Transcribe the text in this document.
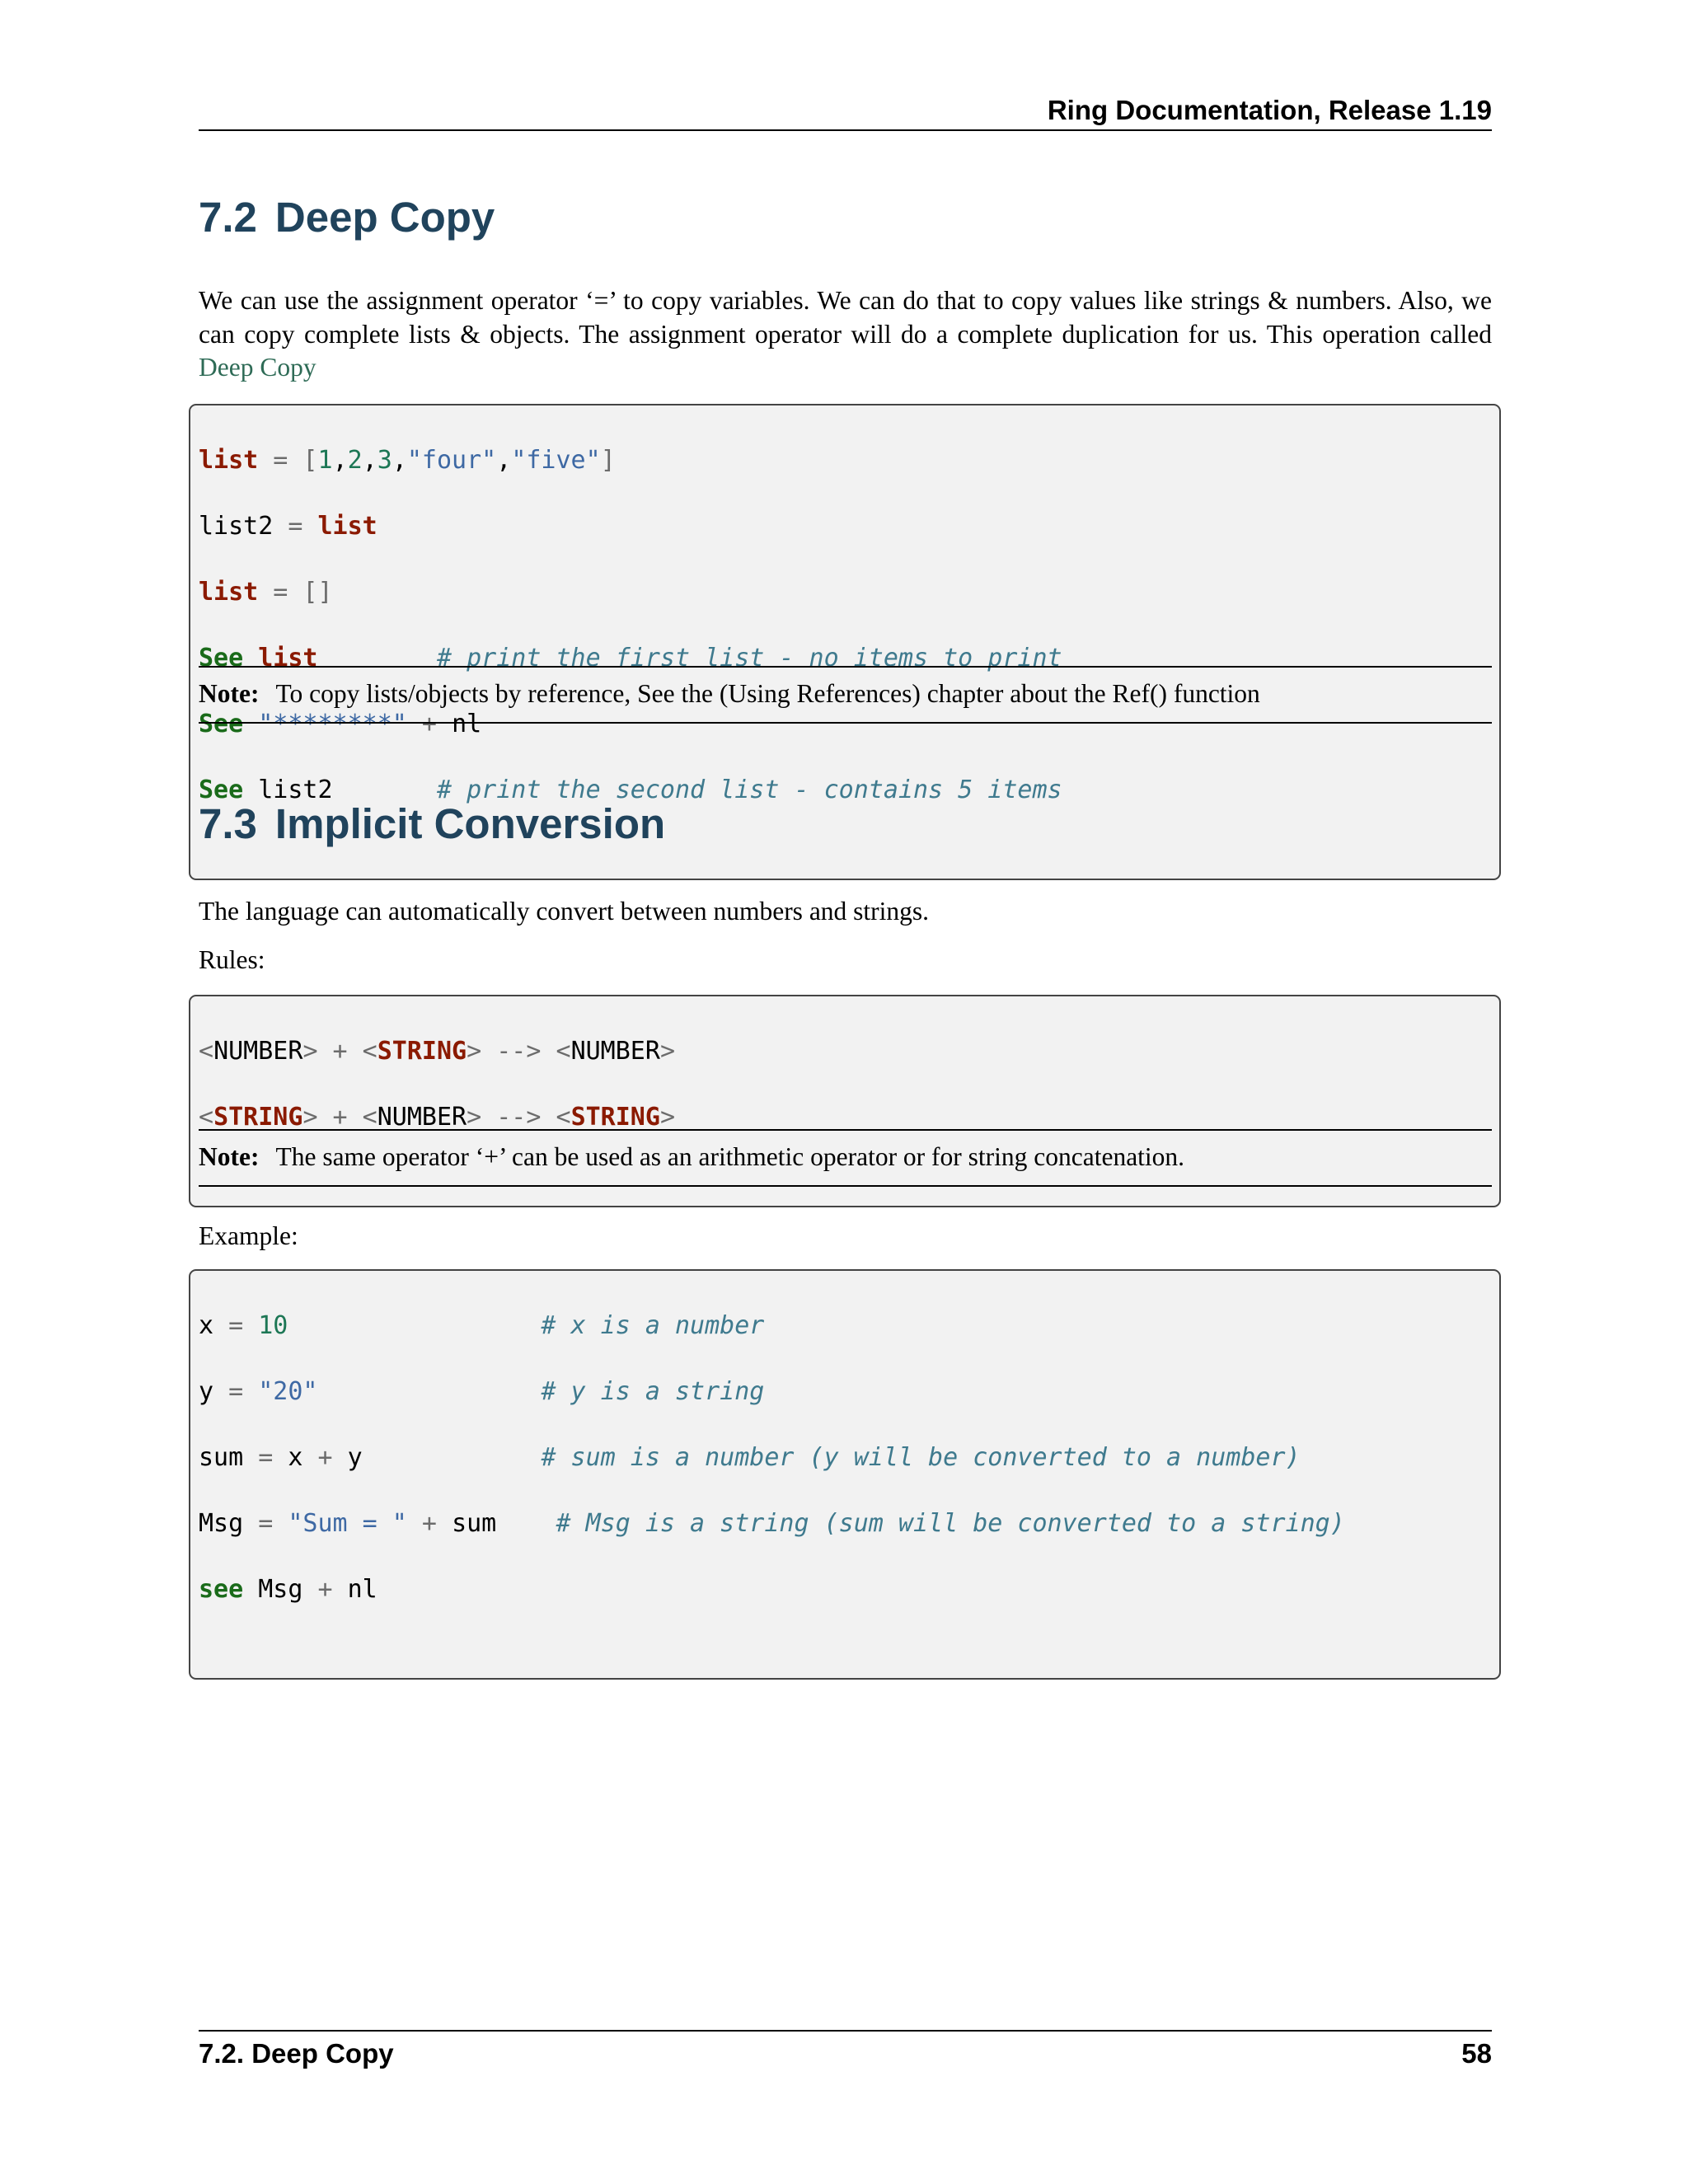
Ring Documentation, Release 1.19
7.2 Deep Copy

We can use the assignment operator ‘=’ to copy variables. We can do that to copy values like strings & numbers. Also, we can copy complete lists & objects. The assignment operator will do a complete duplication for us. This operation called Deep Copy

list = [1,2,3,"four","five"]

list2 = list

list = []

See list	# print the first list - no items to print

See "********" + nl

See list2       # print the second list - contains 5 items

Note: To copy lists/objects by reference, See the (Using References) chapter about the Ref() function
7.3 Implicit Conversion

The language can automatically convert between numbers and strings.

Rules:

<NUMBER> + <STRING> --> <NUMBER>

<STRING> + <NUMBER> --> <STRING>

Note: The same operator ‘+’ can be used as an arithmetic operator or for string concatenation.

Example:

x = 10	# x is a number

y = "20"	# y is a string

sum = x + y	# sum is a number (y will be converted to a number)

Msg = "Sum = " + sum # Msg is a string (sum will be converted to a string)

see Msg + nl

7.2. Deep Copy	58
